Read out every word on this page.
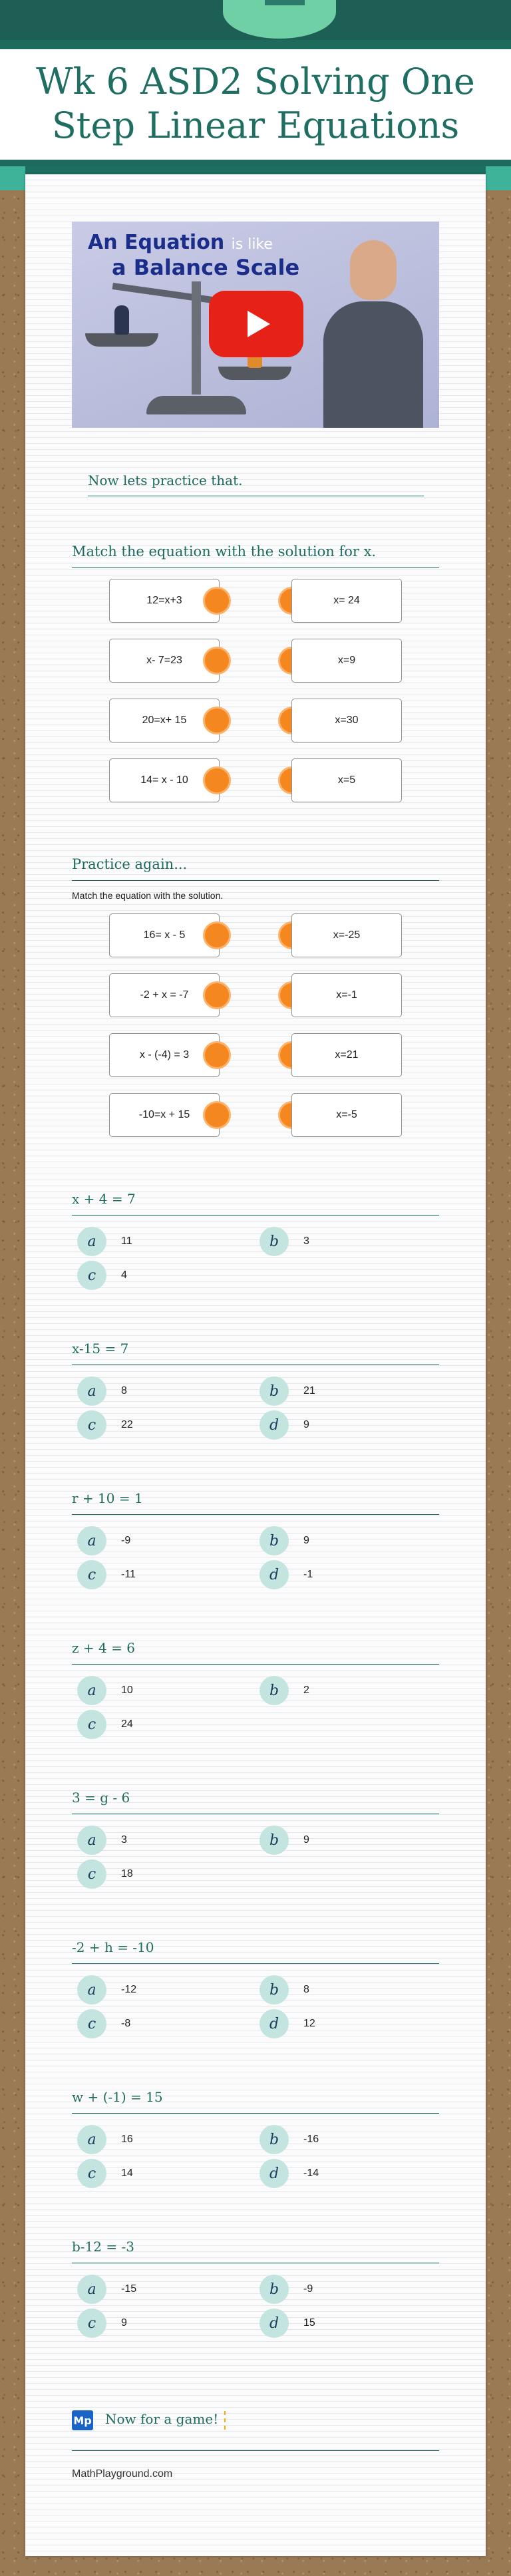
Wk 6 ASD2 Solving One
Step Linear Equations
An Equation is like
a Balance Scale
Now lets practice that.
Match the equation with the solution for x.
12=x+3	x= 24
x- 7=23	x=9
20=x+ 15	x=30
14= x - 10	x=5
Practice again...
Match the equation with the solution.
16= x - 5	x=-25
-2 + x = -7	x=-1
x - (-4) = 3	x=21
-10=x + 15	x=-5
x + 4 = 7
a	11	b	3
c	4
x-15 = 7
a	8	b	21
c	22	d	9
r + 10 = 1
a	-9	b	9
c	-11	d	-1
z + 4 = 6
a	10	b	2
c	24
3 = g - 6
a	3	b	9
c	18
-2 + h = -10
a	-12	b	8
c	-8	d	12
w + (-1) = 15
a	16	b	-16
c	14	d	-14
b-12 = -3
a	-15	b	-9
c	9	d	15
Mp Now for a game!
MathPlayground.com
